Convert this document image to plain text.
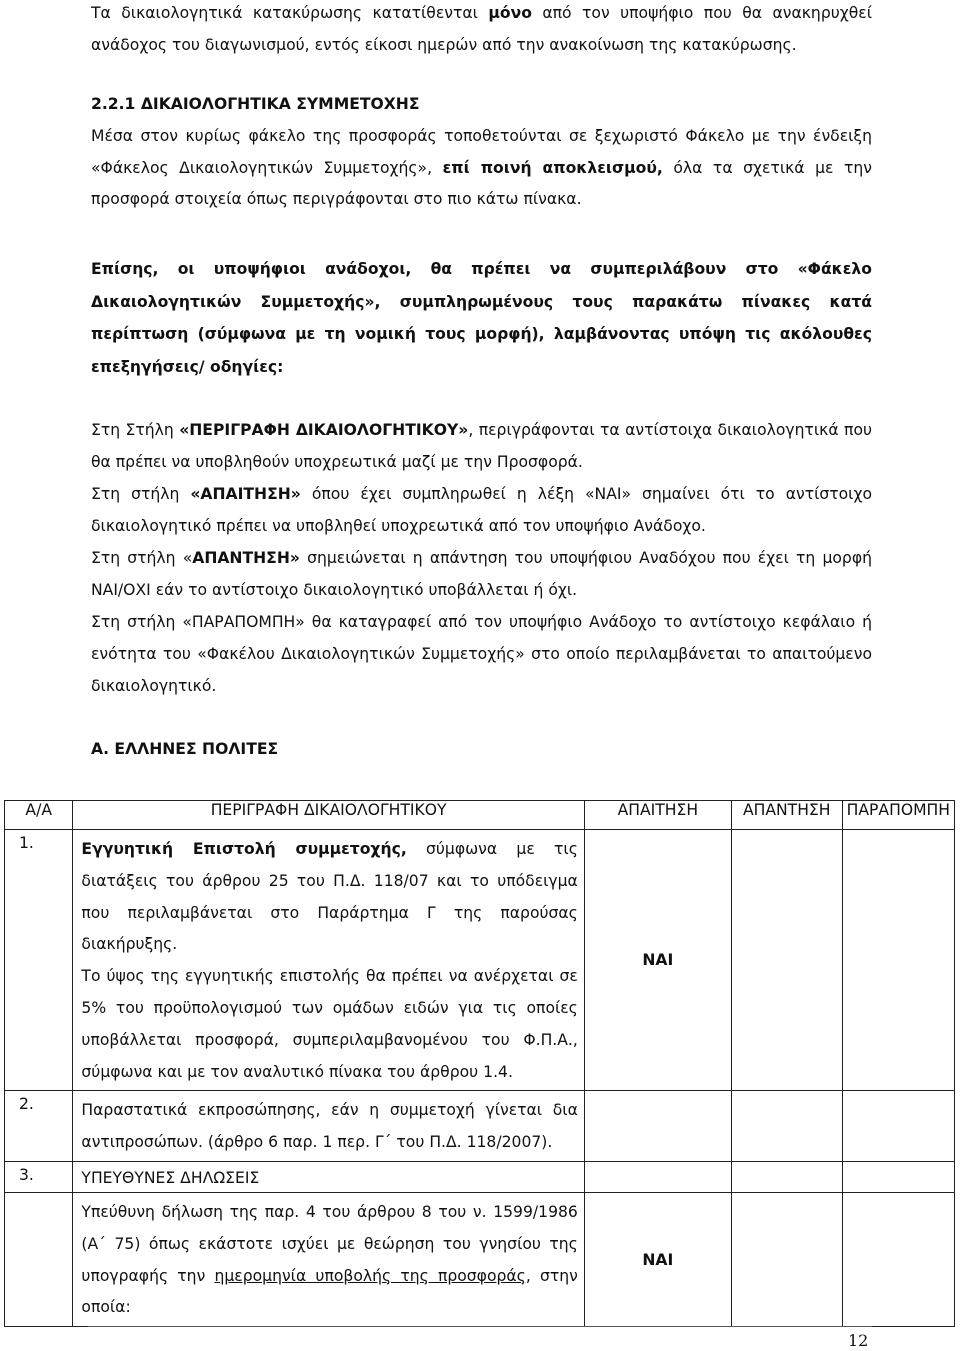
Τα δικαιολογητικά κατακύρωσης κατατίθενται μόνο από τον υποψήφιο που θα ανακηρυχθεί ανάδοχος του διαγωνισμού, εντός είκοσι ημερών από την ανακοίνωση της κατακύρωσης.
2.2.1 ΔΙΚΑΙΟΛΟΓΗΤΙΚΑ ΣΥΜΜΕΤΟΧΗΣ
Μέσα στον κυρίως φάκελο της προσφοράς τοποθετούνται σε ξεχωριστό Φάκελο με την ένδειξη «Φάκελος Δικαιολογητικών Συμμετοχής», επί ποινή αποκλεισμού, όλα τα σχετικά με την προσφορά στοιχεία όπως περιγράφονται στο πιο κάτω πίνακα.
Επίσης, οι υποψήφιοι ανάδοχοι, θα πρέπει να συμπεριλάβουν στο «Φάκελο Δικαιολογητικών Συμμετοχής», συμπληρωμένους τους παρακάτω πίνακες κατά περίπτωση (σύμφωνα με τη νομική τους μορφή), λαμβάνοντας υπόψη τις ακόλουθες επεξηγήσεις/ οδηγίες:
Στη Στήλη «ΠΕΡΙΓΡΑΦΗ ΔΙΚΑΙΟΛΟΓΗΤΙΚΟΥ», περιγράφονται τα αντίστοιχα δικαιολογητικά που θα πρέπει να υποβληθούν υποχρεωτικά μαζί με την Προσφορά.
Στη στήλη «ΑΠΑΙΤΗΣΗ» όπου έχει συμπληρωθεί η λέξη «ΝΑΙ» σημαίνει ότι το αντίστοιχο δικαιολογητικό πρέπει να υποβληθεί υποχρεωτικά από τον υποψήφιο Ανάδοχο.
Στη στήλη «ΑΠΑΝΤΗΣΗ» σημειώνεται η απάντηση του υποψήφιου Αναδόχου που έχει τη μορφή ΝΑΙ/ΟΧΙ εάν το αντίστοιχο δικαιολογητικό υποβάλλεται ή όχι.
Στη στήλη «ΠΑΡΑΠΟΜΠΗ» θα καταγραφεί από τον υποψήφιο Ανάδοχο το αντίστοιχο κεφάλαιο ή ενότητα του «Φακέλου Δικαιολογητικών Συμμετοχής» στο οποίο περιλαμβάνεται το απαιτούμενο δικαιολογητικό.
Α. ΕΛΛΗΝΕΣ ΠΟΛΙΤΕΣ
Α/Α	ΠΕΡΙΓΡΑΦΗ ΔΙΚΑΙΟΛΟΓΗΤΙΚΟΥ	ΑΠΑΙΤΗΣΗ	ΑΠΑΝΤΗΣΗ	ΠΑΡΑΠΟΜΠΗ
1.	Εγγυητική Επιστολή συμμετοχής, σύμφωνα με τις διατάξεις του άρθρου 25 του Π.Δ. 118/07 και το υπόδειγμα που περιλαμβάνεται στο Παράρτημα Γ της παρούσας διακήρυξης.
Το ύψος της εγγυητικής επιστολής θα πρέπει να ανέρχεται σε 5% του προϋπολογισμού των ομάδων ειδών για τις οποίες υποβάλλεται προσφορά, συμπεριλαμβανομένου του Φ.Π.Α., σύμφωνα και με τον αναλυτικό πίνακα του άρθρου 1.4.	ΝΑΙ		
2.	Παραστατικά εκπροσώπησης, εάν η συμμετοχή γίνεται δια αντιπροσώπων. (άρθρο 6 παρ. 1 περ. Γ΄ του Π.Δ. 118/2007).			
3.	ΥΠΕΥΘΥΝΕΣ ΔΗΛΩΣΕΙΣ			
	Υπεύθυνη δήλωση της παρ. 4 του άρθρου 8 του ν. 1599/1986 (Α΄ 75) όπως εκάστοτε ισχύει με θεώρηση του γνησίου της υπογραφής την ημερομηνία υποβολής της προσφοράς, στην οποία:	ΝΑΙ		
12
